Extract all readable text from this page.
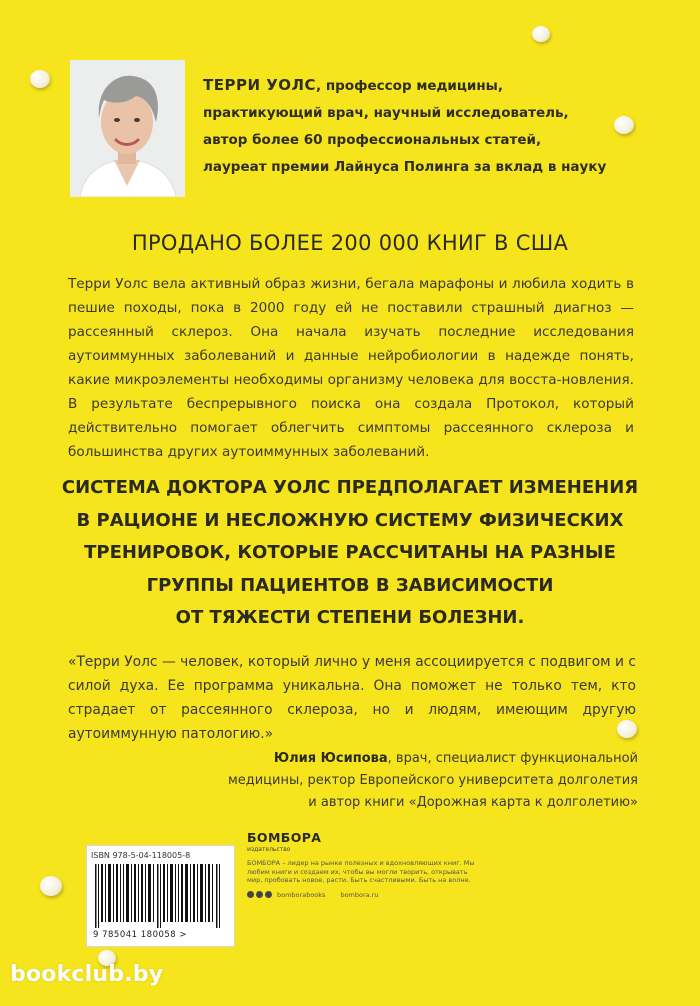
ТЕРРИ УОЛС, профессор медицины,
практикующий врач, научный исследователь,
автор более 60 профессиональных статей,
лауреат премии Лайнуса Полинга за вклад в науку
ПРОДАНО БОЛЕЕ 200 000 КНИГ В США

Терри Уолс вела активный образ жизни, бегала марафоны и любила ходить в пешие походы, пока в 2000 году ей не поставили страшный диагноз — рассеянный склероз. Она начала изучать последние исследования аутоиммунных заболеваний и данные нейробиологии в надежде понять, какие микроэлементы необходимы организму человека для восста-новления. В результате беспрерывного поиска она создала Протокол, который действительно помогает облегчить симптомы рассеянного склероза и большинства других аутоиммунных заболеваний.

СИСТЕМА ДОКТОРА УОЛС ПРЕДПОЛАГАЕТ ИЗМЕНЕНИЯ
В РАЦИОНЕ И НЕСЛОЖНУЮ СИСТЕМУ ФИЗИЧЕСКИХ
ТРЕНИРОВОК, КОТОРЫЕ РАССЧИТАНЫ НА РАЗНЫЕ
ГРУППЫ ПАЦИЕНТОВ В ЗАВИСИМОСТИ
ОТ ТЯЖЕСТИ СТЕПЕНИ БОЛЕЗНИ.
«Терри Уолс — человек, который лично у меня ассоциируется с подвигом и с силой духа. Ее программа уникальна. Она поможет не только тем, кто страдает от рассеянного склероза, но и людям, имеющим другую аутоиммунную патологию.»
Юлия Юсипова, врач, специалист функциональной
медицины, ректор Европейского университета долголетия
и автор книги «Дорожная карта к долголетию»
ISBN 978-5-04-118005-8
9 785041 180058 >
БОМБОРА
издательство
БОМБОРА – лидер на рынке полезных и вдохновляющих книг. Мы любим книги и создаем их, чтобы вы могли творить, открывать мир, пробовать новое, расти. Быть счастливыми. Быть на волне.
bomborabooks bombora.ru
bookclub.by
